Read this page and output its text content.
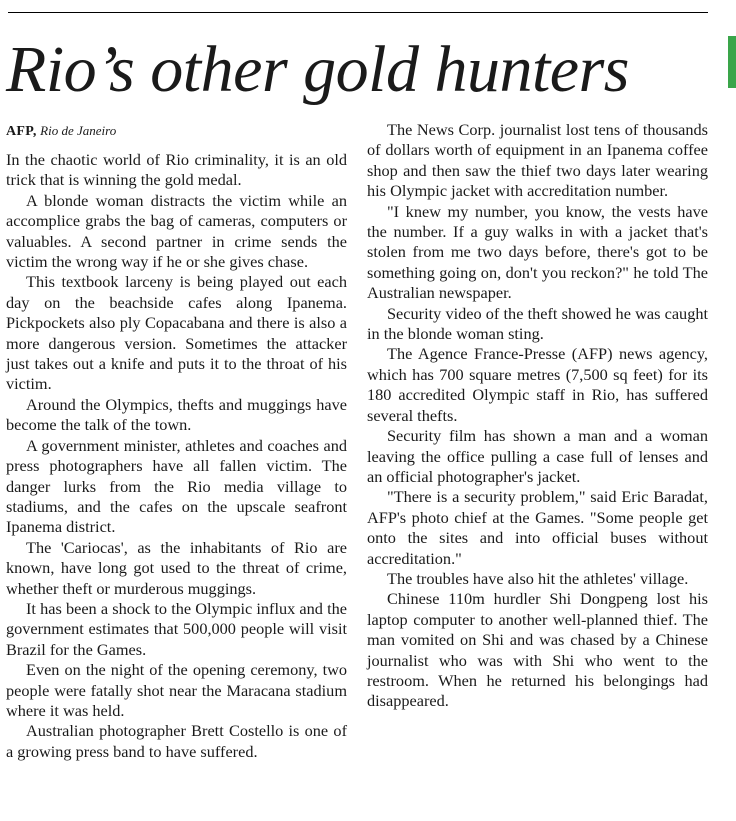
Rio’s other gold hunters

AFP, Rio de Janeiro

In the chaotic world of Rio criminality, it is an old trick that is winning the gold medal.

A blonde woman distracts the victim while an accomplice grabs the bag of cameras, computers or valuables. A second partner in crime sends the victim the wrong way if he or she gives chase.

This textbook larceny is being played out each day on the beachside cafes along Ipanema. Pickpockets also ply Copacabana and there is also a more dangerous version. Sometimes the attacker just takes out a knife and puts it to the throat of his victim.

Around the Olympics, thefts and muggings have become the talk of the town.

A government minister, athletes and coaches and press photographers have all fallen victim. The danger lurks from the Rio media village to stadiums, and the cafes on the upscale seafront Ipanema district.

The 'Cariocas', as the inhabitants of Rio are known, have long got used to the threat of crime, whether theft or murderous muggings.

It has been a shock to the Olympic influx and the government estimates that 500,000 people will visit Brazil for the Games.

Even on the night of the opening ceremony, two people were fatally shot near the Maracana stadium where it was held.

Australian photographer Brett Costello is one of a growing press band to have suffered.

The News Corp. journalist lost tens of thousands of dollars worth of equipment in an Ipanema coffee shop and then saw the thief two days later wearing his Olympic jacket with accreditation number.

"I knew my number, you know, the vests have the number. If a guy walks in with a jacket that's stolen from me two days before, there's got to be something going on, don't you reckon?" he told The Australian newspaper.

Security video of the theft showed he was caught in the blonde woman sting.

The Agence France-Presse (AFP) news agency, which has 700 square metres (7,500 sq feet) for its 180 accredited Olympic staff in Rio, has suffered several thefts.

Security film has shown a man and a woman leaving the office pulling a case full of lenses and an official photographer's jacket.

"There is a security problem," said Eric Baradat, AFP's photo chief at the Games. "Some people get onto the sites and into official buses without accreditation."

The troubles have also hit the athletes' village.

Chinese 110m hurdler Shi Dongpeng lost his laptop computer to another well-planned thief. The man vomited on Shi and was chased by a Chinese journalist who was with Shi who went to the restroom. When he returned his belongings had disappeared.
